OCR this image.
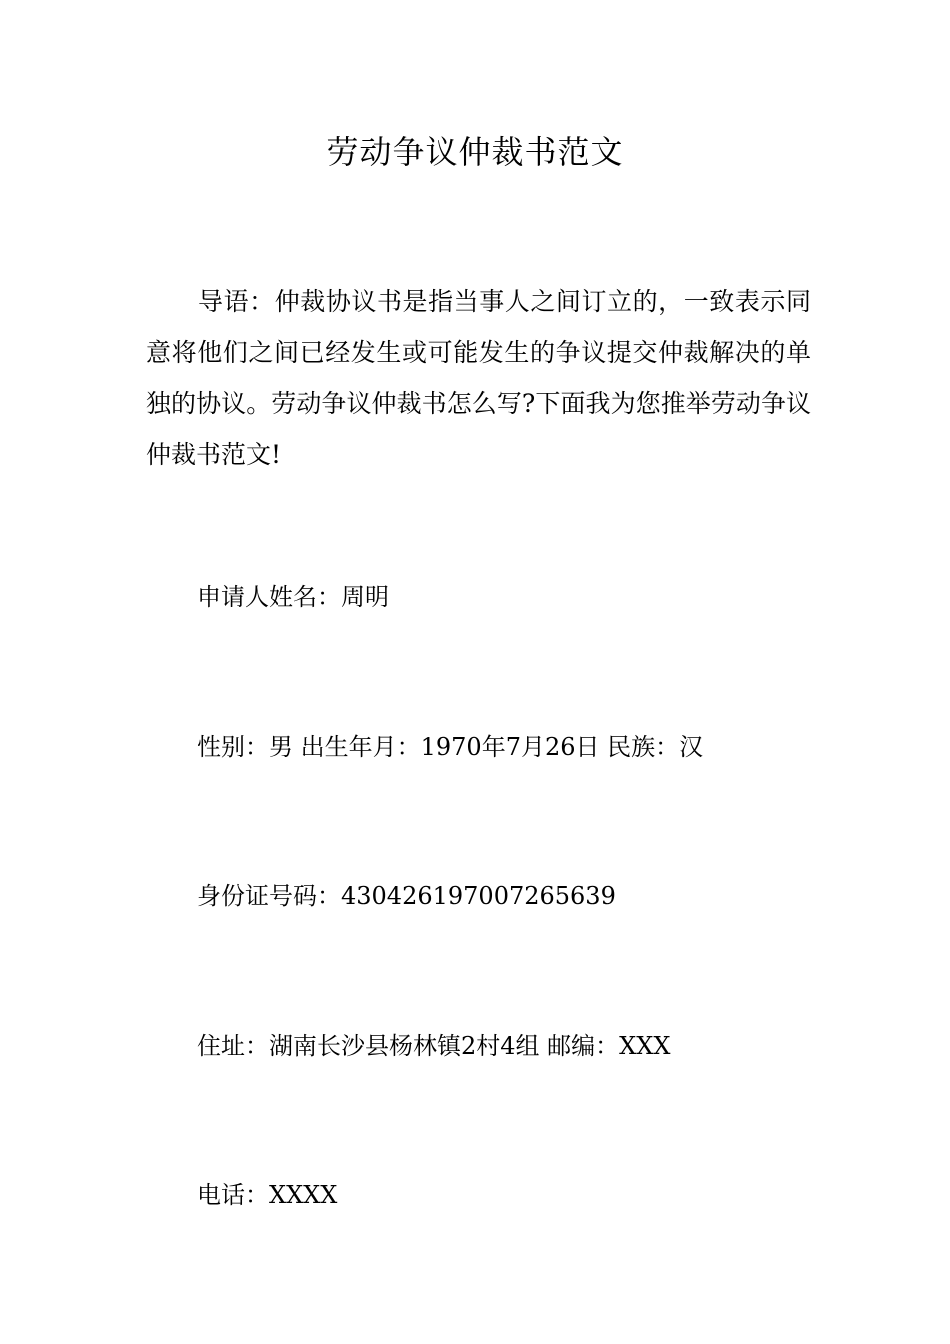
劳动争议仲裁书范文

导语：仲裁协议书是指当事人之间订立的，一致表示同意将他们之间已经发生或可能发生的争议提交仲裁解决的单独的协议。劳动争议仲裁书怎么写?下面我为您推举劳动争议仲裁书范文!

申请人姓名：周明

性别：男 出生年月：1970年7月26日 民族：汉

身份证号码：430426197007265639

住址：湖南长沙县杨林镇2村4组 邮编：XXX

电话：XXXX
